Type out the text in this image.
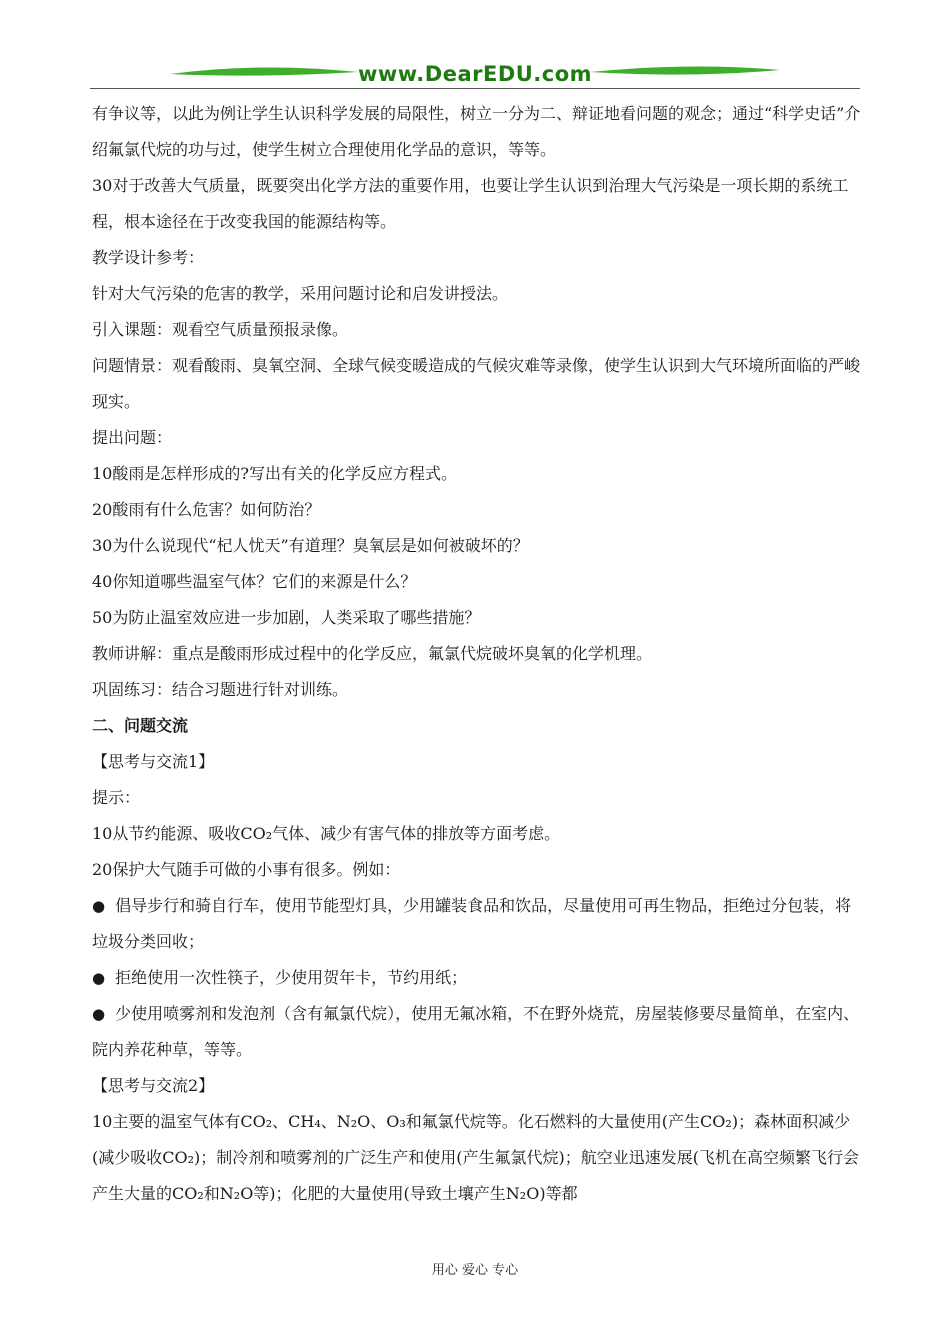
www.DearEDU.com

有争议等，以此为例让学生认识科学发展的局限性，树立一分为二、辩证地看问题的观念；通过“科学史话”介绍氟氯代烷的功与过，使学生树立合理使用化学品的意识，等等。

30对于改善大气质量，既要突出化学方法的重要作用，也要让学生认识到治理大气污染是一项长期的系统工程，根本途径在于改变我国的能源结构等。

教学设计参考：

针对大气污染的危害的教学，采用问题讨论和启发讲授法。

引入课题：观看空气质量预报录像。

问题情景：观看酸雨、臭氧空洞、全球气候变暖造成的气候灾难等录像，使学生认识到大气环境所面临的严峻现实。

提出问题：

10酸雨是怎样形成的?写出有关的化学反应方程式。

20酸雨有什么危害？如何防治？

30为什么说现代“杞人忧天”有道理？臭氧层是如何被破坏的？

40你知道哪些温室气体？它们的来源是什么？

50为防止温室效应进一步加剧，人类采取了哪些措施？

教师讲解：重点是酸雨形成过程中的化学反应，氟氯代烷破坏臭氧的化学机理。

巩固练习：结合习题进行针对训练。

二、问题交流

【思考与交流1】

提示：

10从节约能源、吸收CO₂气体、减少有害气体的排放等方面考虑。

20保护大气随手可做的小事有很多。例如：

● 倡导步行和骑自行车，使用节能型灯具，少用罐装食品和饮品，尽量使用可再生物品，拒绝过分包装，将垃圾分类回收；

● 拒绝使用一次性筷子，少使用贺年卡，节约用纸；

● 少使用喷雾剂和发泡剂（含有氟氯代烷），使用无氟冰箱，不在野外烧荒，房屋装修要尽量简单，在室内、院内养花种草，等等。

【思考与交流2】

10主要的温室气体有CO₂、CH₄、N₂O、O₃和氟氯代烷等。化石燃料的大量使用(产生CO₂)；森林面积减少(减少吸收CO₂)；制冷剂和喷雾剂的广泛生产和使用(产生氟氯代烷)；航空业迅速发展(飞机在高空频繁飞行会产生大量的CO₂和N₂O等)；化肥的大量使用(导致土壤产生N₂O)等都

用心 爱心 专心
